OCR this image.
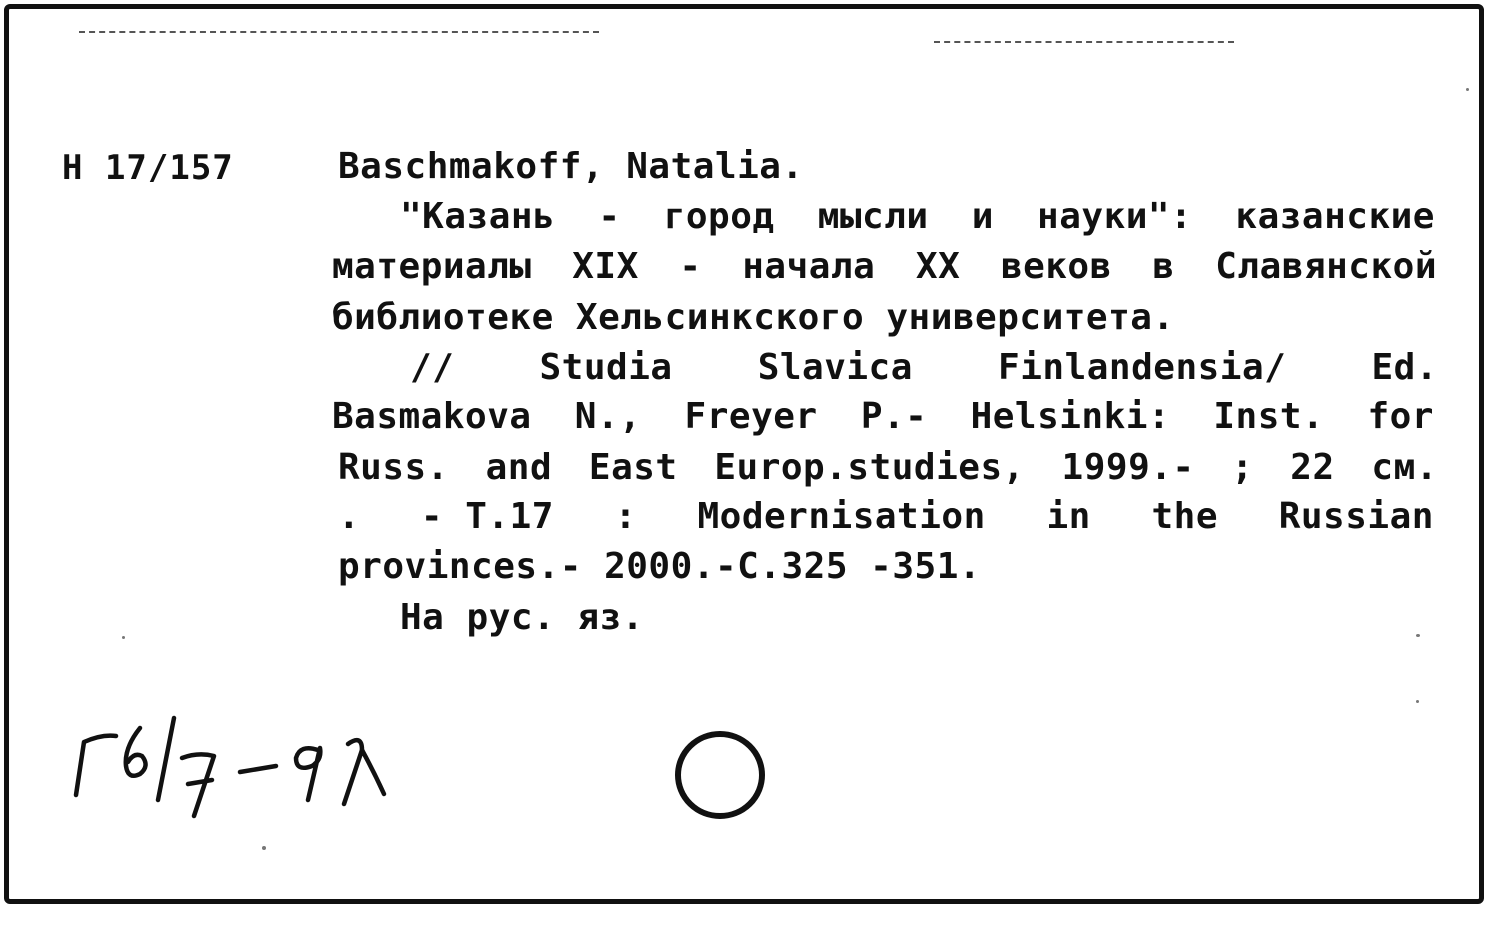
Н 17/157	Baschmakoff, Natalia.
"Казань - город мысли и науки": казанские
материалы XIX - начала XX веков в Славянской
библиотеке Хельсинкского университета.
// Studia Slavica Finlandensia/ Ed.
Basmakova N., Freyer P.- Helsinki: Inst. for
Russ. and East Europ.studies, 1999.- ; 22 см.
. - T.17 : Modernisation in the Russian
provinces.- 2000.-С.325 -351.
На рус. яз.
